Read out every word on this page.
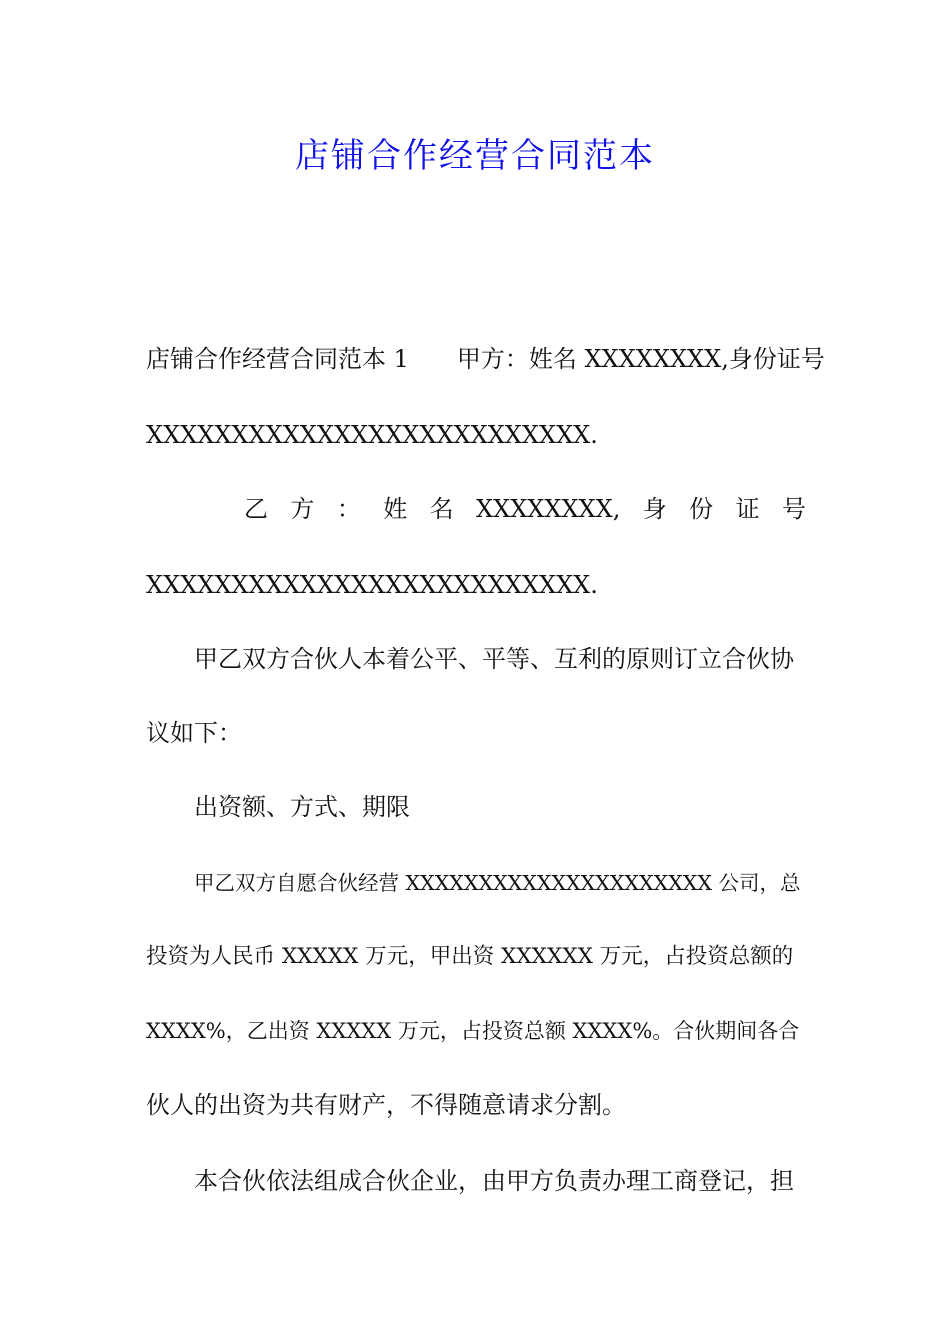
店铺合作经营合同范本

店铺合作经营合同范本 1　　甲方：姓名 XXXXXXXX,身份证号

XXXXXXXXXXXXXXXXXXXXXXXXXX.

乙 方 ： 姓 名 XXXXXXXX, 身 份 证 号

XXXXXXXXXXXXXXXXXXXXXXXXXX.

甲乙双方合伙人本着公平、平等、互利的原则订立合伙协

议如下：

出资额、方式、期限

甲乙双方自愿合伙经营 XXXXXXXXXXXXXXXXXXXXX 公司，总

投资为人民币 XXXXX 万元，甲出资 XXXXXX 万元，占投资总额的

XXXX%，乙出资 XXXXX 万元，占投资总额 XXXX%。合伙期间各合

伙人的出资为共有财产，不得随意请求分割。

本合伙依法组成合伙企业，由甲方负责办理工商登记，担
